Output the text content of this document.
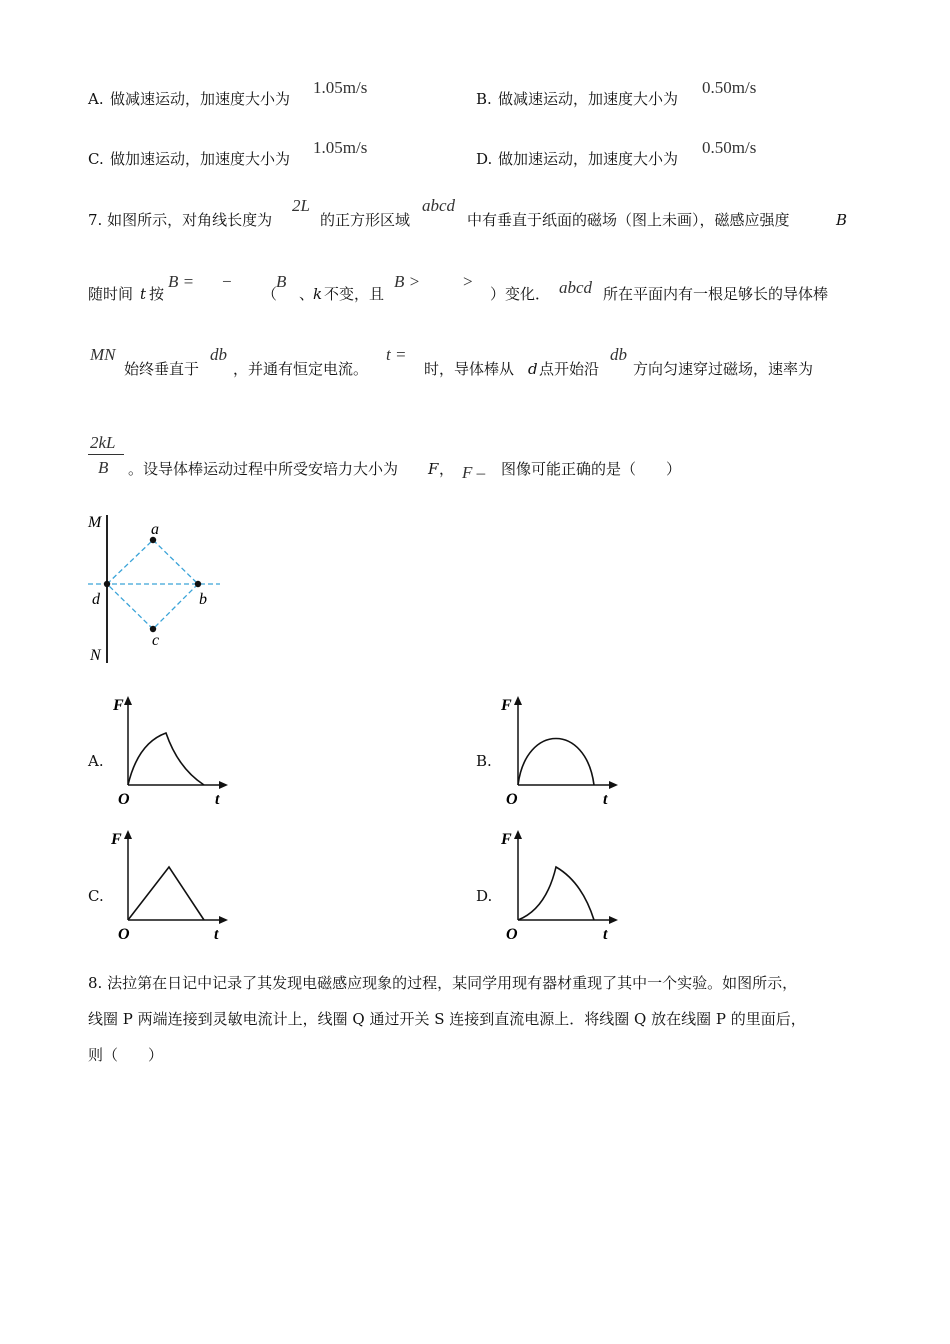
A. 做减速运动，加速度大小为
1.05m/s
B. 做减速运动，加速度大小为
0.50m/s
C. 做加速运动，加速度大小为
1.05m/s
D. 做加速运动，加速度大小为
0.50m/s
7. 如图所示，对角线长度为
2L
的正方形区域
abcd
中有垂直于纸面的磁场（图上未画），磁感应强度	B
随时间 t 按
B = −
（
B
、
k 不变，且
B >	>
）变化． abcd 所在平面内有一根足够长的导体棒
MN
始终垂直于
db
，并通有恒定电流。
t =
时，导体棒从 d 点开始沿
db
方向匀速穿过磁场，速率为
2kL
B 。设导体棒运动过程中所受安培力大小为 F ， F – 图像可能正确的是（　　）
M
N
a
b
c
d
A.
F
O	t
B.
F
O	t
C.
F
O	t
D.
F
O	t
8. 法拉第在日记中记录了其发现电磁感应现象的过程，某同学用现有器材重现了其中一个实验。如图所示，
线圈 P 两端连接到灵敏电流计上，线圈 Q 通过开关 S 连接到直流电源上．将线圈 Q 放在线圈 P 的里面后，
则（　　）
